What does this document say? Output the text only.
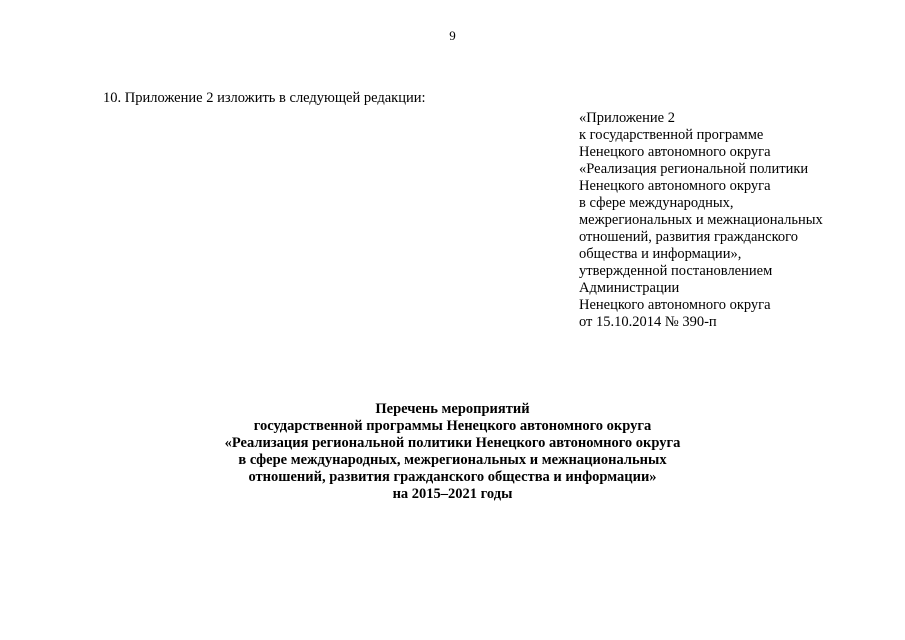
9
10. Приложение 2 изложить в следующей редакции:
«Приложение 2
к государственной программе
Ненецкого автономного округа
«Реализация региональной политики
Ненецкого автономного округа
в сфере международных,
межрегиональных и межнациональных
отношений, развития гражданского
общества и информации»,
утвержденной постановлением
Администрации
Ненецкого автономного округа
от 15.10.2014 № 390-п
Перечень мероприятий
государственной программы Ненецкого автономного округа
«Реализация региональной политики Ненецкого автономного округа
в сфере международных, межрегиональных и межнациональных
отношений, развития гражданского общества и информации»
на 2015–2021 годы
